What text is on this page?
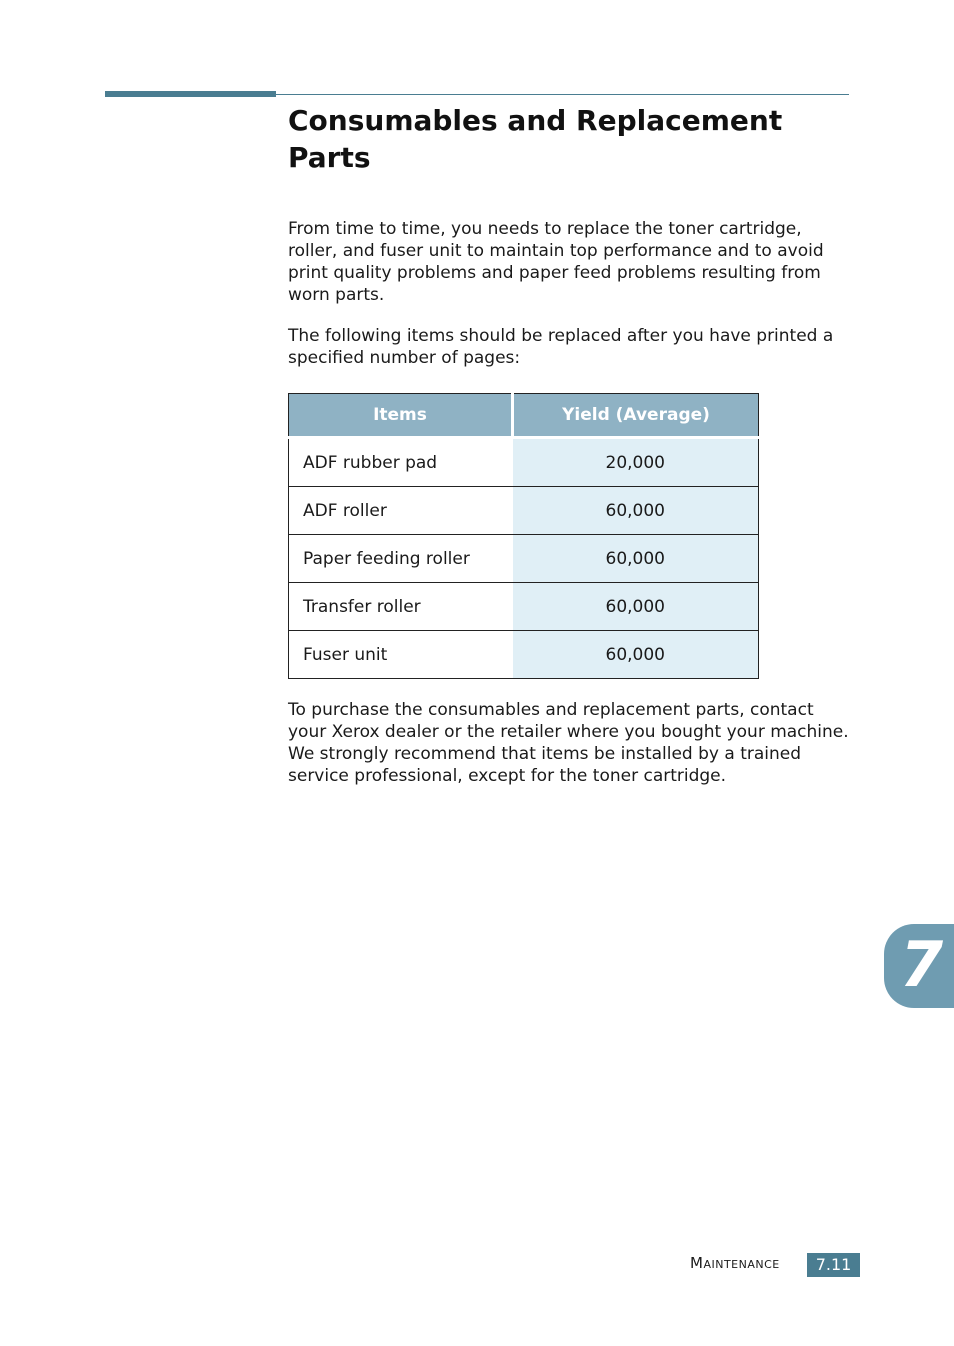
Consumables and Replacement Parts

From time to time, you needs to replace the toner cartridge, roller, and fuser unit to maintain top performance and to avoid print quality problems and paper feed problems resulting from worn parts.

The following items should be replaced after you have printed a specified number of pages:

Items	Yield (Average)
ADF rubber pad	20,000
ADF roller	60,000
Paper feeding roller	60,000
Transfer roller	60,000
Fuser unit	60,000

To purchase the consumables and replacement parts, contact your Xerox dealer or the retailer where you bought your machine. We strongly recommend that items be installed by a trained service professional, except for the toner cartridge.

7
Maintenance	7.11
